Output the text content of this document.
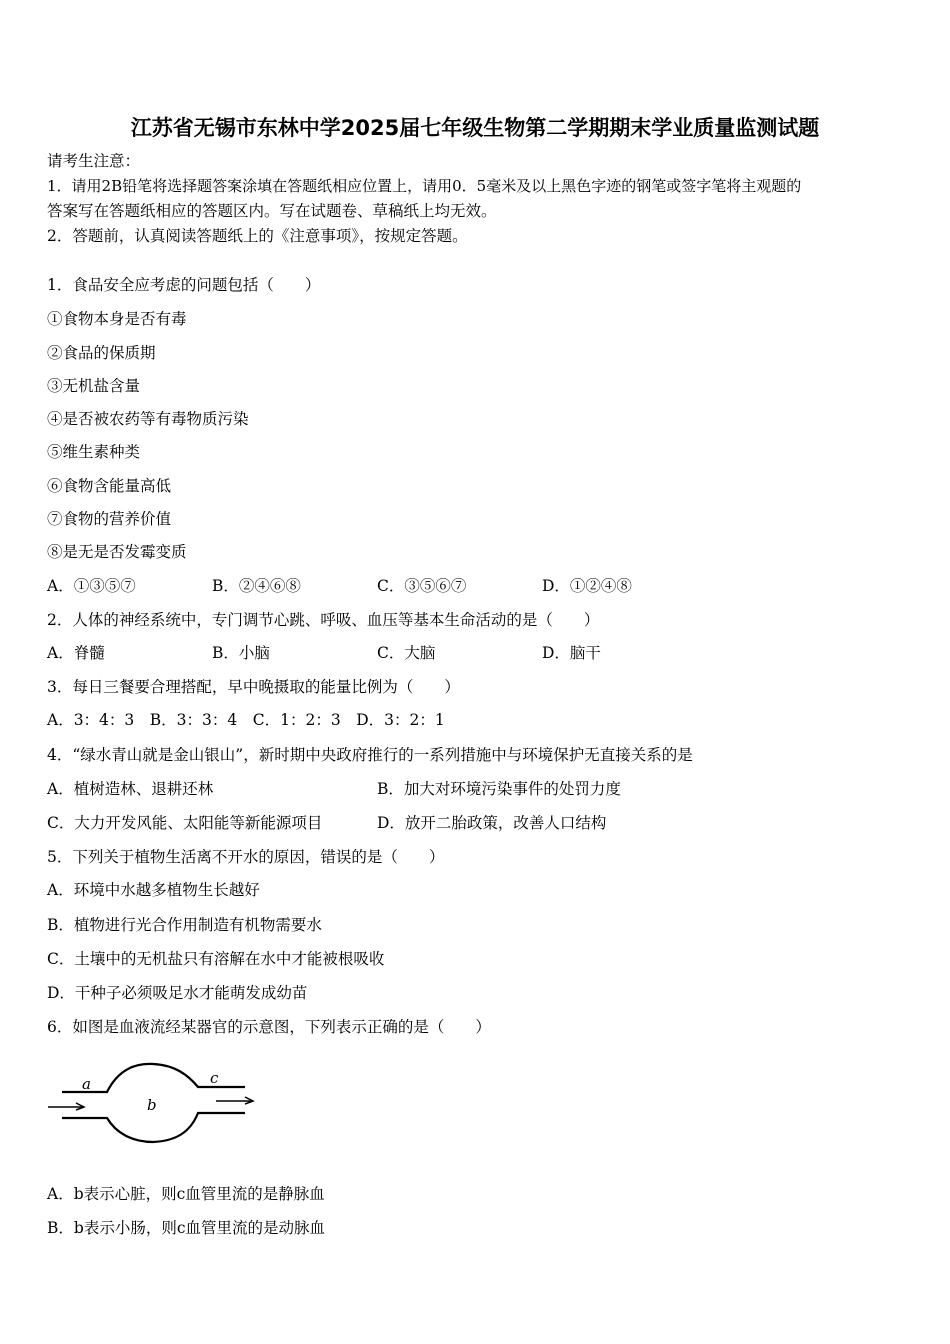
江苏省无锡市东林中学2025届七年级生物第二学期期末学业质量监测试题
请考生注意：
1．请用2B铅笔将选择题答案涂填在答题纸相应位置上，请用0．5毫米及以上黑色字迹的钢笔或签字笔将主观题的
答案写在答题纸相应的答题区内。写在试题卷、草稿纸上均无效。
2．答题前，认真阅读答题纸上的《注意事项》，按规定答题。
1．食品安全应考虑的问题包括（　　）
①食物本身是否有毒
②食品的保质期
③无机盐含量
④是否被农药等有毒物质污染
⑤维生素种类
⑥食物含能量高低
⑦食物的营养价值
⑧是无是否发霉变质
A．①③⑤⑦	B．②④⑥⑧	C．③⑤⑥⑦	D．①②④⑧
2．人体的神经系统中，专门调节心跳、呼吸、血压等基本生命活动的是（　　）
A．脊髓	B．小脑	C．大脑	D．脑干
3．每日三餐要合理搭配，早中晚摄取的能量比例为（　　）
A．3：4：3　B．3：3：4　C．1：2：3　D．3：2：1
4．“绿水青山就是金山银山”，新时期中央政府推行的一系列措施中与环境保护无直接关系的是
A．植树造林、退耕还林	B．加大对环境污染事件的处罚力度
C．大力开发风能、太阳能等新能源项目	D．放开二胎政策，改善人口结构
5．下列关于植物生活离不开水的原因，错误的是（　　）
A．环境中水越多植物生长越好
B．植物进行光合作用制造有机物需要水
C．土壤中的无机盐只有溶解在水中才能被根吸收
D．干种子必须吸足水才能萌发成幼苗
6．如图是血液流经某器官的示意图，下列表示正确的是（　　）
a
b
c
A．b表示心脏，则c血管里流的是静脉血
B．b表示小肠，则c血管里流的是动脉血
